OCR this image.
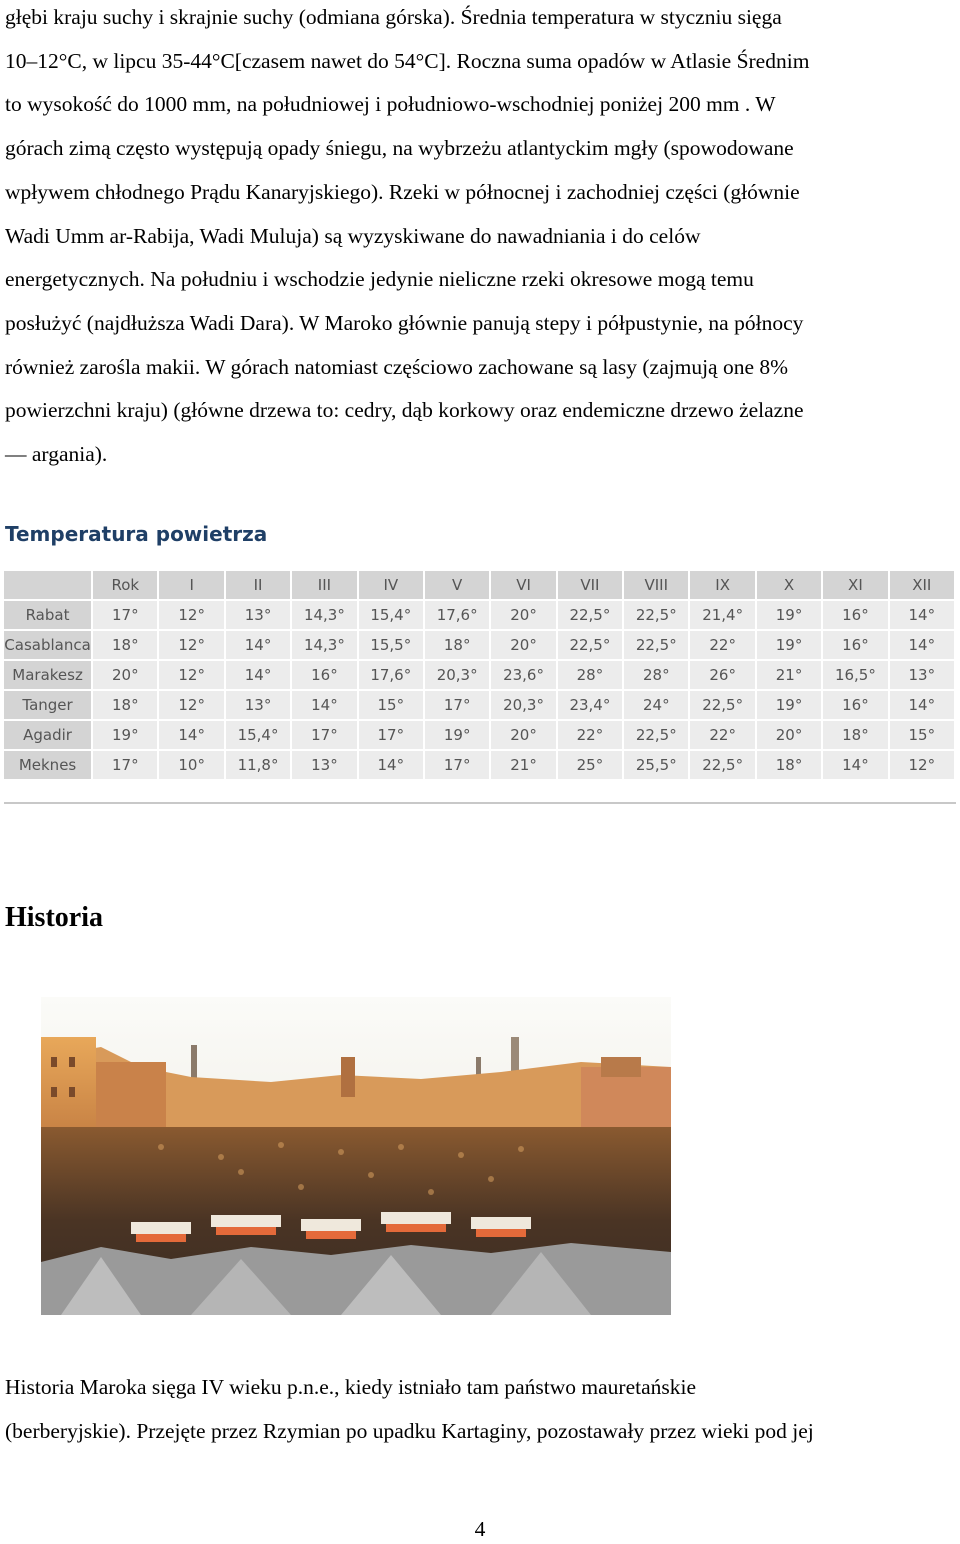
głębi kraju suchy i skrajnie suchy (odmiana górska). Średnia temperatura w styczniu sięga
10–12°C, w lipcu 35-44°C[czasem nawet do 54°C]. Roczna suma opadów w Atlasie Średnim
to wysokość do 1000 mm, na południowej i południowo-wschodniej poniżej 200 mm . W
górach zimą często występują opady śniegu, na wybrzeżu atlantyckim mgły (spowodowane
wpływem chłodnego Prądu Kanaryjskiego). Rzeki w północnej i zachodniej części (głównie
Wadi Umm ar-Rabija, Wadi Muluja) są wyzyskiwane do nawadniania i do celów
energetycznych. Na południu i wschodzie jedynie nieliczne rzeki okresowe mogą temu
posłużyć (najdłuższa Wadi Dara). W Maroko głównie panują stepy i półpustynie, na północy
również zarośla makii. W górach natomiast częściowo zachowane są lasy (zajmują one 8%
powierzchni kraju) (główne drzewa to: cedry, dąb korkowy oraz endemiczne drzewo żelazne
— argania).
Temperatura powietrza
	Rok	I	II	III	IV	V	VI	VII	VIII	IX	X	XI	XII
Rabat	17°	12°	13°	14,3°	15,4°	17,6°	20°	22,5°	22,5°	21,4°	19°	16°	14°
Casablanca	18°	12°	14°	14,3°	15,5°	18°	20°	22,5°	22,5°	22°	19°	16°	14°
Marakesz	20°	12°	14°	16°	17,6°	20,3°	23,6°	28°	28°	26°	21°	16,5°	13°
Tanger	18°	12°	13°	14°	15°	17°	20,3°	23,4°	24°	22,5°	19°	16°	14°
Agadir	19°	14°	15,4°	17°	17°	19°	20°	22°	22,5°	22°	20°	18°	15°
Meknes	17°	10°	11,8°	13°	14°	17°	21°	25°	25,5°	22,5°	18°	14°	12°
Historia
Historia Maroka sięga IV wieku p.n.e., kiedy istniało tam państwo mauretańskie
(berberyjskie). Przejęte przez Rzymian po upadku Kartaginy, pozostawały przez wieki pod jej
4
